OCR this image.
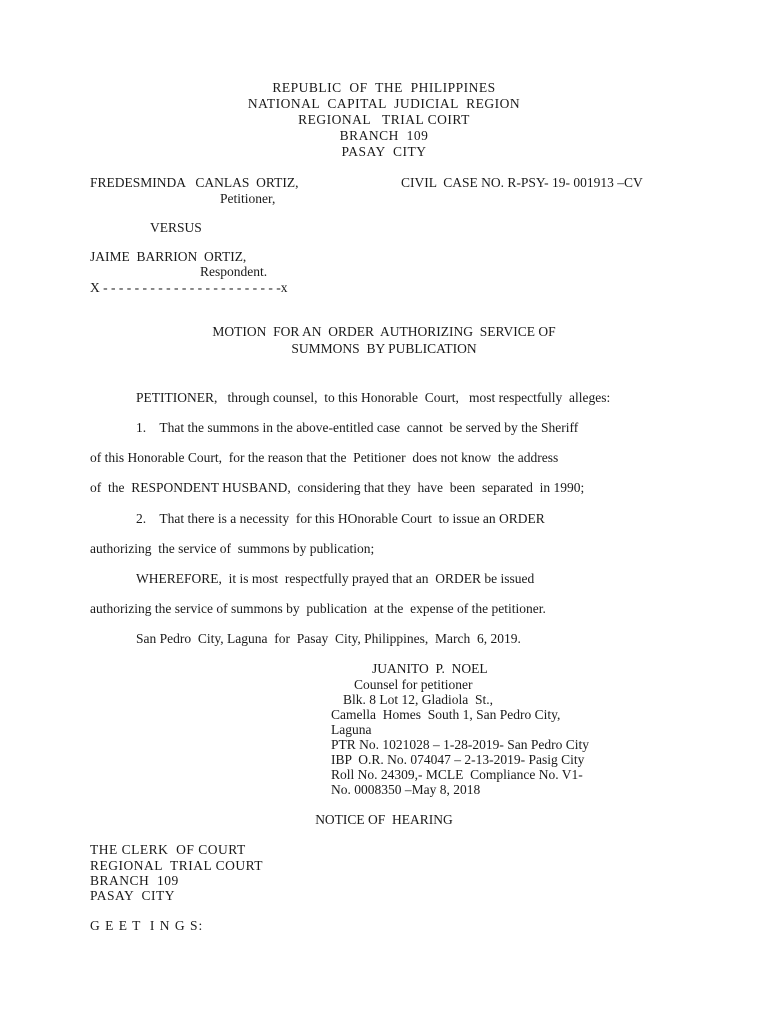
REPUBLIC  OF  THE  PHILIPPINES
NATIONAL  CAPITAL  JUDICIAL  REGION
REGIONAL   TRIAL COIRT
BRANCH  109
PASAY  CITY
FREDESMINDA   CANLAS  ORTIZ,	CIVIL  CASE NO. R-PSY- 19- 001913 –CV
Petitioner,
VERSUS
JAIME  BARRION  ORTIZ,
Respondent.
X - - - - - - - - - - - - - - - - - - - - - - -x
MOTION  FOR AN  ORDER  AUTHORIZING  SERVICE OF
SUMMONS  BY PUBLICATION
PETITIONER,   through counsel,  to this Honorable  Court,   most respectfully  alleges:
1.    That the summons in the above-entitled case  cannot  be served by the Sheriff
of this Honorable Court,  for the reason that the  Petitioner  does not know  the address
of  the  RESPONDENT HUSBAND,  considering that they  have  been  separated  in 1990;
2.    That there is a necessity  for this HOnorable Court  to issue an ORDER
authorizing  the service of  summons by publication;
WHEREFORE,  it is most  respectfully prayed that an  ORDER be issued
authorizing the service of summons by  publication  at the  expense of the petitioner.
San Pedro  City, Laguna  for  Pasay  City, Philippines,  March  6, 2019.
JUANITO  P.  NOEL
Counsel for petitioner
Blk. 8 Lot 12, Gladiola  St.,
Camella  Homes  South 1, San Pedro City,
Laguna
PTR No. 1021028 – 1-28-2019- San Pedro City
IBP  O.R. No. 074047 – 2-13-2019- Pasig City
Roll No. 24309,- MCLE  Compliance No. V1-
No. 0008350 –May 8, 2018
NOTICE OF  HEARING
THE CLERK  OF COURT
REGIONAL  TRIAL COURT
BRANCH  109
PASAY  CITY
G E E T  I N G S:
